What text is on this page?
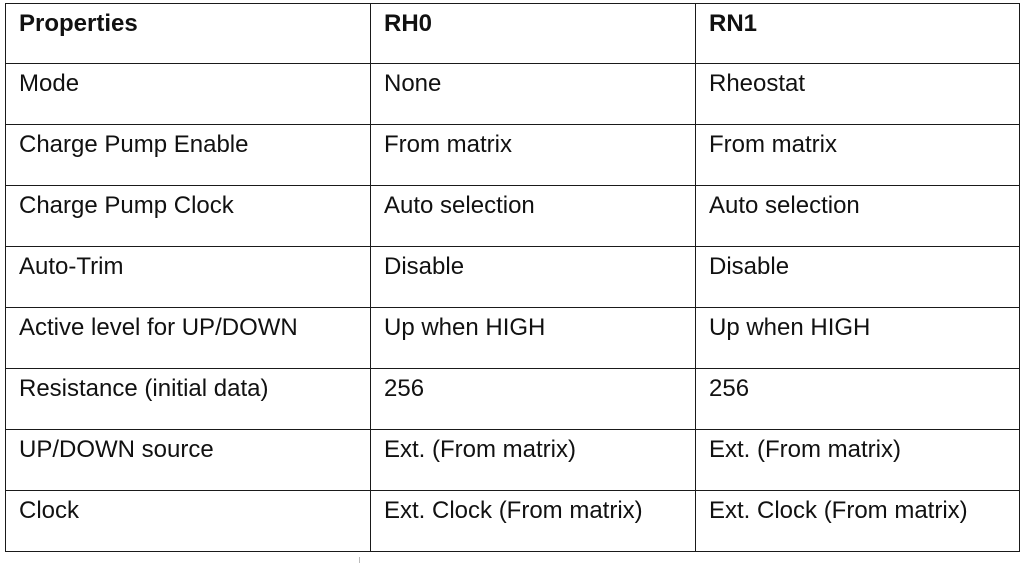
Properties	RH0	RN1
Mode	None	Rheostat
Charge Pump Enable	From matrix	From matrix
Charge Pump Clock	Auto selection	Auto selection
Auto-Trim	Disable	Disable
Active level for UP/DOWN	Up when HIGH	Up when HIGH
Resistance (initial data)	256	256
UP/DOWN source	Ext. (From matrix)	Ext. (From matrix)
Clock	Ext. Clock (From matrix)	Ext. Clock (From matrix)
